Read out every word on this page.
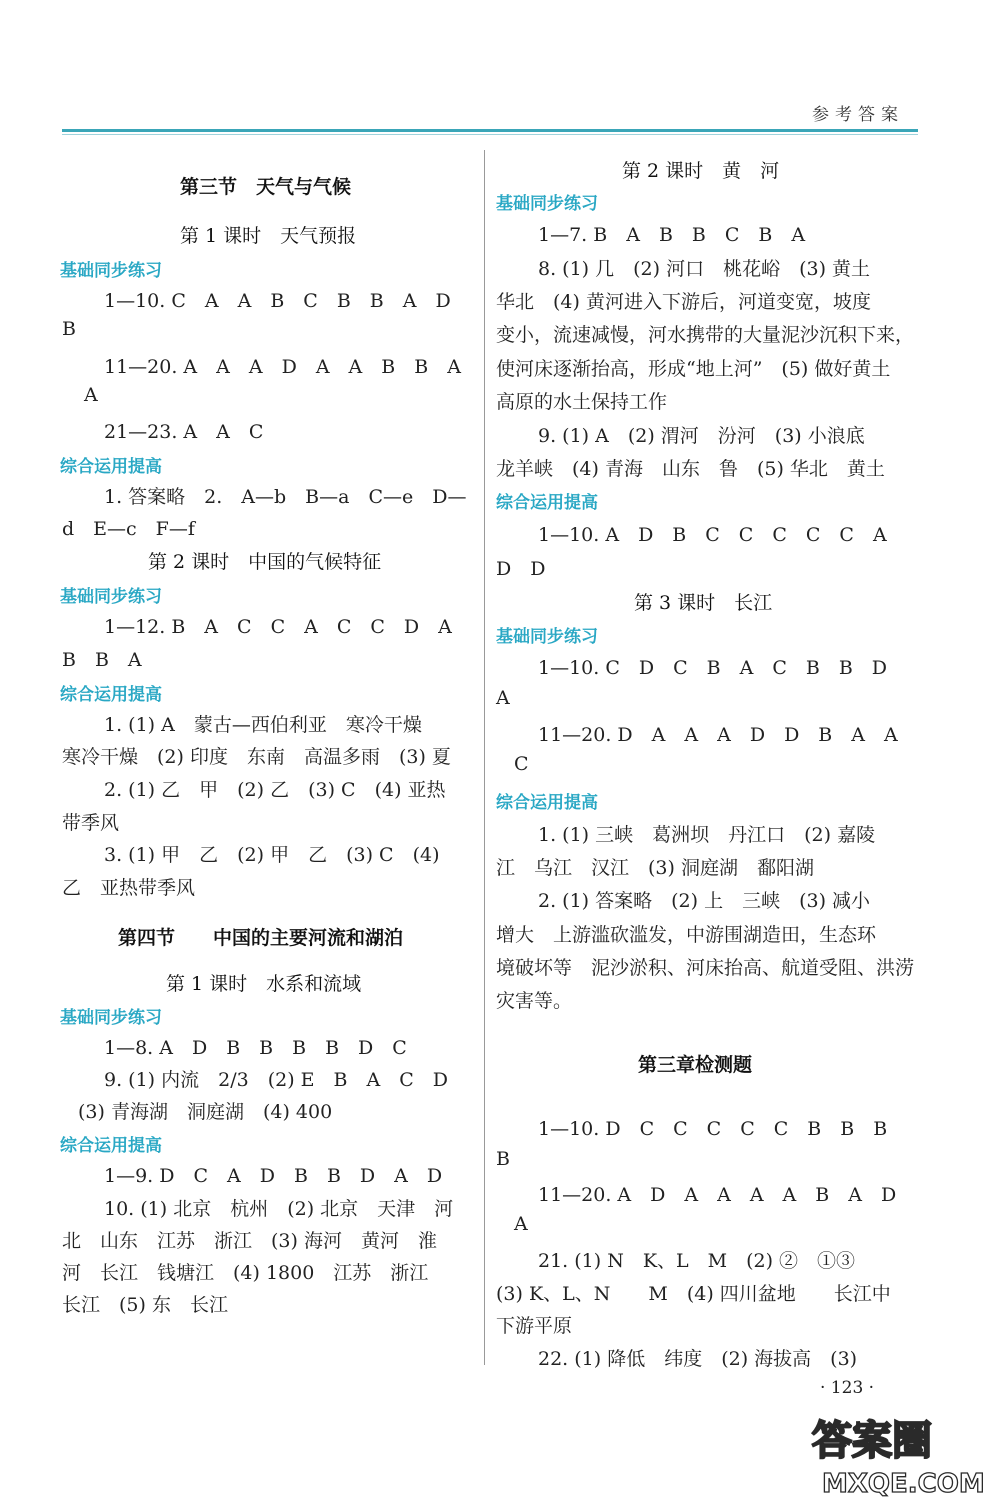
参考答案
第三节　天气与气候
第 1 课时　天气预报
基础同步练习
1—10. C　A　A　B　C　B　B　A　D
B
11—20. A　A　A　D　A　A　B　B　A
A
21—23. A　A　C
综合运用提高
1. 答案略　2.　A—b　B—a　C—e　D—
d　E—c　F—f
第 2 课时　中国的气候特征
基础同步练习
1—12. B　A　C　C　A　C　C　D　A
B　B　A
综合运用提高
1. (1) A　蒙古—西伯利亚　寒冷干燥
寒冷干燥　(2) 印度　东南　高温多雨　(3) 夏
2. (1) 乙　甲　(2) 乙　(3) C　(4) 亚热
带季风
3. (1) 甲　乙　(2) 甲　乙　(3) C　(4)
乙　亚热带季风
第四节　　中国的主要河流和湖泊
第 1 课时　水系和流域
基础同步练习
1—8. A　D　B　B　B　B　D　C
9. (1) 内流　2/3　(2) E　B　A　C　D
(3) 青海湖　洞庭湖　(4) 400
综合运用提高
1—9. D　C　A　D　B　B　D　A　D
10. (1) 北京　杭州　(2) 北京　天津　河
北　山东　江苏　浙江　(3) 海河　黄河　淮
河　长江　钱塘江　(4) 1800　江苏　浙江
长江　(5) 东　长江
第 2 课时　黄　河
基础同步练习
1—7. B　A　B　B　C　B　A
8. (1) 几　(2) 河口　桃花峪　(3) 黄土
华北　(4) 黄河进入下游后，河道变宽，坡度
变小，流速减慢，河水携带的大量泥沙沉积下来，
使河床逐渐抬高，形成“地上河”　(5) 做好黄土
高原的水土保持工作
9. (1) A　(2) 渭河　汾河　(3) 小浪底
龙羊峡　(4) 青海　山东　鲁　(5) 华北　黄土
综合运用提高
1—10. A　D　B　C　C　C　C　C　A
D　D
第 3 课时　长江
基础同步练习
1—10. C　D　C　B　A　C　B　B　D
A
11—20. D　A　A　A　D　D　B　A　A
C
综合运用提高
1. (1) 三峡　葛洲坝　丹江口　(2) 嘉陵
江　乌江　汉江　(3) 洞庭湖　鄱阳湖
2. (1) 答案略　(2) 上　三峡　(3) 减小
增大　上游滥砍滥发，中游围湖造田，生态环
境破坏等　泥沙淤积、河床抬高、航道受阻、洪涝
灾害等。
第三章检测题
1—10. D　C　C　C　C　C　B　B　B
B
11—20. A　D　A　A　A　A　B　A　D
A
21. (1) N　K、L　M　(2) ②　①③
(3) K、L、N　　M　(4) 四川盆地　　长江中
下游平原
22. (1) 降低　纬度　(2) 海拔高　(3)
· 123 ·
答案圈
MXQE.COM
